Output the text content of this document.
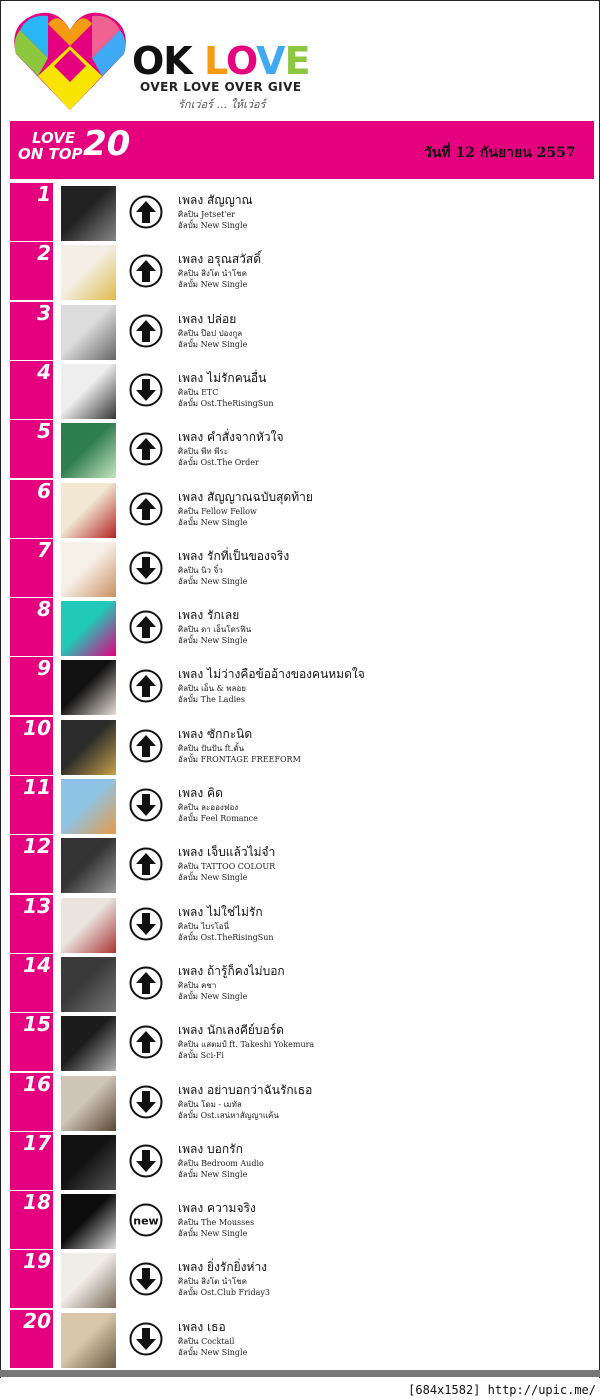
OK LOVE
OVER LOVE OVER GIVE
รักเว่อร์ ... ให้เว่อร์
LOVE
ON TOP 20	วันที่ 12 กันยายน 2557
1	เพลง สัญญาณ
ศิลปิน Jetset'er
อัลบั้ม New Single
2	เพลง อรุณสวัสดิ์
ศิลปิน สิงโต นำโชค
อัลบั้ม New Single
3	เพลง ปล่อย
ศิลปิน ป๊อป ปองกูล
อัลบั้ม New Single
4	เพลง ไม่รักคนอื่น
ศิลปิน ETC
อัลบั้ม Ost.TheRisingSun
5	เพลง คำสั่งจากหัวใจ
ศิลปิน พีท พีระ
อัลบั้ม Ost.The Order
6	เพลง สัญญาณฉบับสุดท้าย
ศิลปิน Fellow Fellow
อัลบั้ม New Single
7	เพลง รักที่เป็นของจริง
ศิลปิน นิว จิ๋ว
อัลบั้ม New Single
8	เพลง รักเลย
ศิลปิน ดา เอ็นโดรฟิน
อัลบั้ม New Single
9	เพลง ไม่ว่างคือข้ออ้างของคนหมดใจ
ศิลปิน เอ็น & พลอย
อัลบั้ม The Ladies
10	เพลง ซักกะนิด
ศิลปิน ปันปัน ft.ตั้น
อัลบั้ม FRONTAGE FREEFORM
11	เพลง คิด
ศิลปิน ละอองฟอง
อัลบั้ม Feel Romance
12	เพลง เจ็บแล้วไม่จำ
ศิลปิน TATTOO COLOUR
อัลบั้ม New Single
13	เพลง ไม่ใช่ไม่รัก
ศิลปิน ไบรโอนี่
อัลบั้ม Ost.TheRisingSun
14	เพลง ถ้ารู้ก็คงไม่บอก
ศิลปิน คชา
อัลบั้ม New Single
15	เพลง นักเลงคีย์บอร์ด
ศิลปิน แสตมป์ ft. Takeshi Yokemura
อัลบั้ม Sci-Fi
16	เพลง อย่าบอกว่าฉันรักเธอ
ศิลปิน โดม - เมทัล
อัลบั้ม Ost.เสน่หาสัญญาแค้น
17	เพลง บอกรัก
ศิลปิน Bedroom Audio
อัลบั้ม New Single
18
new
เพลง ความจริง
ศิลปิน The Mousses
อัลบั้ม New Single
19	เพลง ยิ่งรักยิ่งห่าง
ศิลปิน สิงโต นำโชค
อัลบั้ม Ost.Club Friday3
20	เพลง เธอ
ศิลปิน Cocktail
อัลบั้ม New Single
[684x1582] http://upic.me/
